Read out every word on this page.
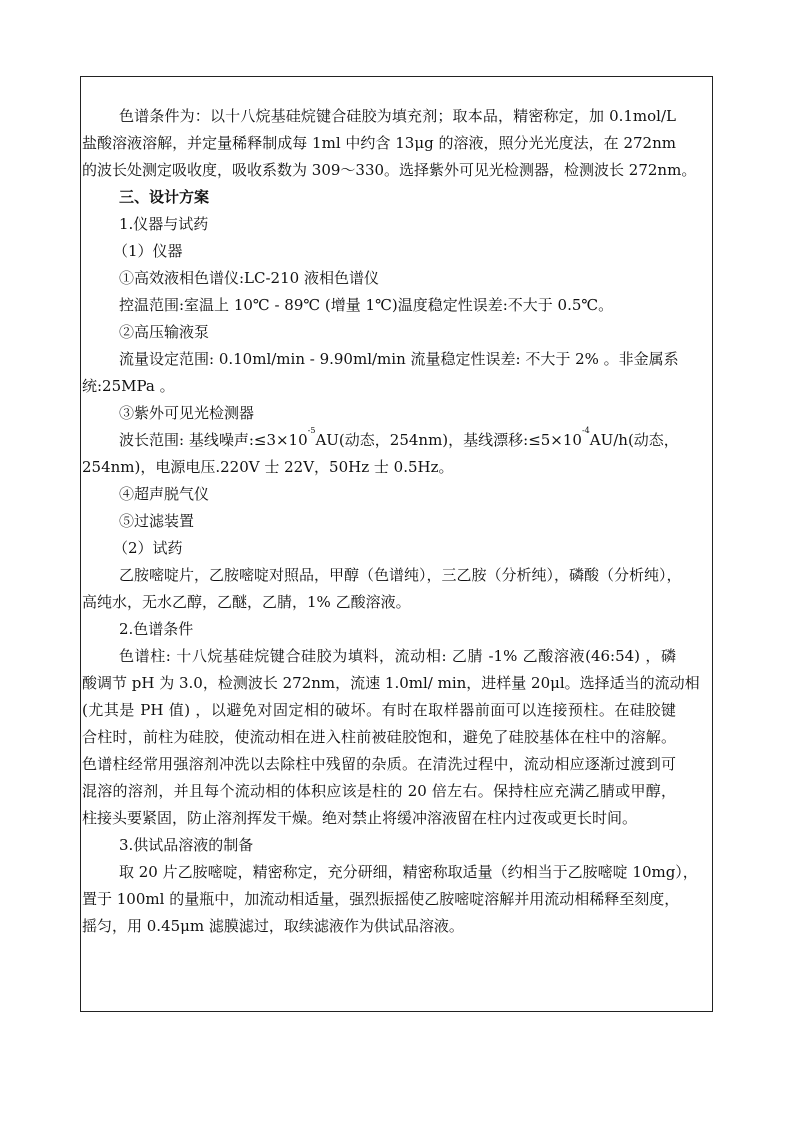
色谱条件为：以十八烷基硅烷键合硅胶为填充剂；取本品，精密称定，加 0.1mol/L
盐酸溶液溶解，并定量稀释制成每 1ml 中约含 13μg 的溶液，照分光光度法，在 272nm
的波长处测定吸收度，吸收系数为 309～330。选择紫外可见光检测器，检测波长 272nm。
三、设计方案
1.仪器与试药
（1）仪器
①高效液相色谱仪:LC-210 液相色谱仪
控温范围:室温上 10℃ - 89℃ (增量 1℃)温度稳定性误差:不大于 0.5℃。
②高压输液泵
流量设定范围: 0.10ml/min - 9.90ml/min 流量稳定性误差: 不大于 2% 。非金属系
统:25MPa 。
③紫外可见光检测器
波长范围: 基线噪声$:\le 3\times 10^{-5}AU$(动态，254nm)，基线漂移$:\le 5\times 10^{-4}AU/h$(动态，
254nm)，电源电压.220V 士 22V，50Hz 士 0.5Hz。
④超声脱气仪
⑤过滤装置
（2）试药
乙胺嘧啶片，乙胺嘧啶对照品，甲醇（色谱纯），三乙胺（分析纯），磷酸（分析纯），
高纯水，无水乙醇，乙醚，乙腈，1% 乙酸溶液。
2.色谱条件
色谱柱: 十八烷基硅烷键合硅胶为填料，流动相: 乙腈 -1% 乙酸溶液(46:54) ，磷
酸调节 pH 为 3.0，检测波长 272nm，流速 1.0ml/ min，进样量 20μl。选择适当的流动相
(尤其是 PH 值) ，以避免对固定相的破坏。有时在取样器前面可以连接预柱。在硅胶键
合柱时，前柱为硅胶，使流动相在进入柱前被硅胶饱和，避免了硅胶基体在柱中的溶解。
色谱柱经常用强溶剂冲洗以去除柱中残留的杂质。在清洗过程中，流动相应逐渐过渡到可
混溶的溶剂，并且每个流动相的体积应该是柱的 20 倍左右。保持柱应充满乙腈或甲醇，
柱接头要紧固，防止溶剂挥发干燥。绝对禁止将缓冲溶液留在柱内过夜或更长时间。
3.供试品溶液的制备
取 20 片乙胺嘧啶，精密称定，充分研细，精密称取适量（约相当于乙胺嘧啶 10mg），
置于 100ml 的量瓶中，加流动相适量，强烈振摇使乙胺嘧啶溶解并用流动相稀释至刻度，
摇匀，用 0.45μm 滤膜滤过，取续滤液作为供试品溶液。
